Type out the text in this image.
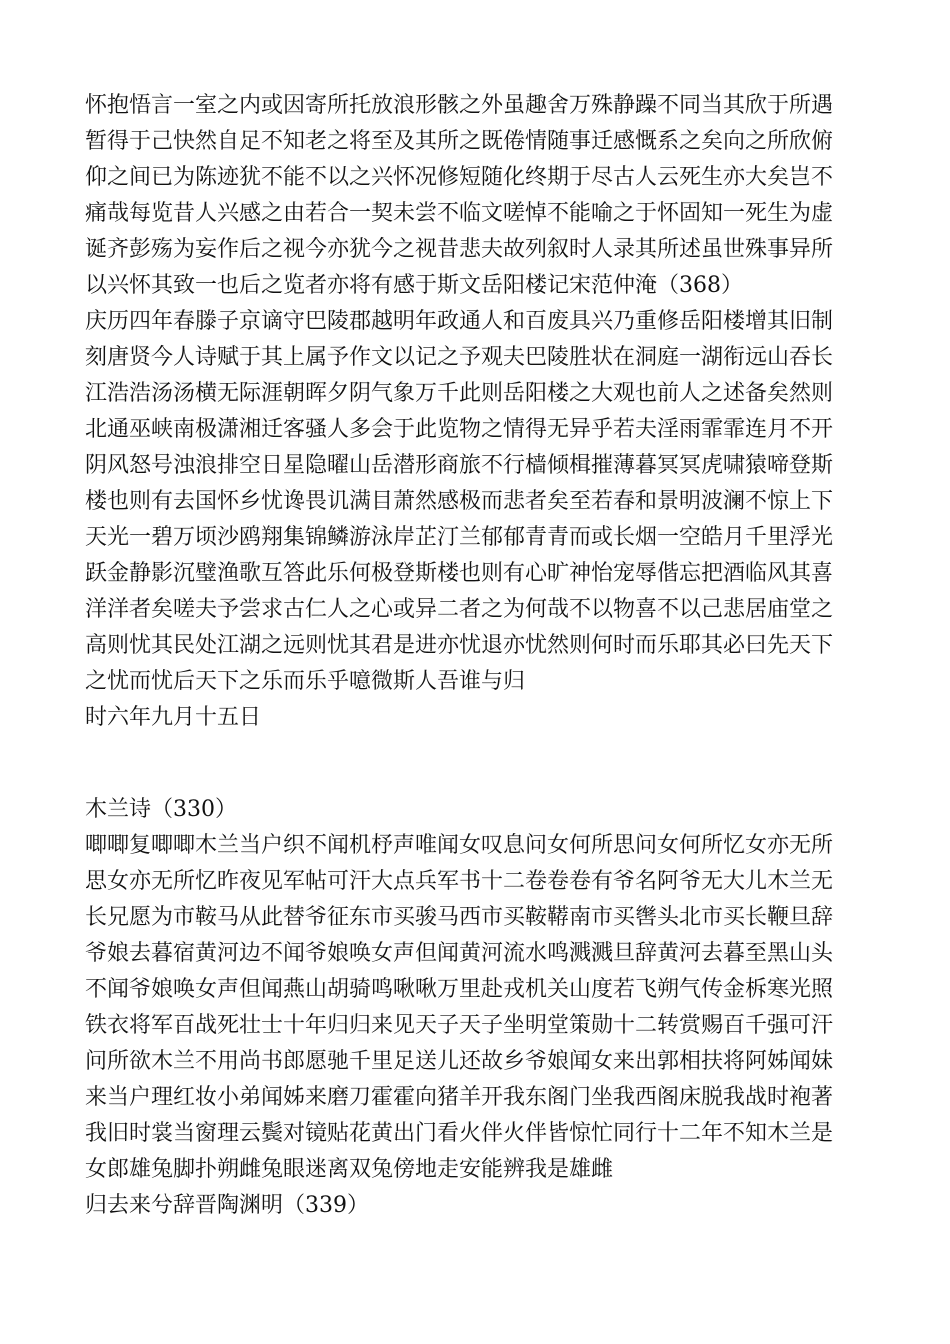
怀抱悟言一室之内或因寄所托放浪形骸之外虽趣舍万殊静躁不同当其欣于所遇
暂得于己快然自足不知老之将至及其所之既倦情随事迁感慨系之矣向之所欣俯
仰之间已为陈迹犹不能不以之兴怀况修短随化终期于尽古人云死生亦大矣岂不
痛哉每览昔人兴感之由若合一契未尝不临文嗟悼不能喻之于怀固知一死生为虚
诞齐彭殇为妄作后之视今亦犹今之视昔悲夫故列叙时人录其所述虽世殊事异所
以兴怀其致一也后之览者亦将有感于斯文岳阳楼记宋范仲淹（368）
庆历四年春滕子京谪守巴陵郡越明年政通人和百废具兴乃重修岳阳楼增其旧制
刻唐贤今人诗赋于其上属予作文以记之予观夫巴陵胜状在洞庭一湖衔远山吞长
江浩浩汤汤横无际涯朝晖夕阴气象万千此则岳阳楼之大观也前人之述备矣然则
北通巫峡南极潇湘迁客骚人多会于此览物之情得无异乎若夫淫雨霏霏连月不开
阴风怒号浊浪排空日星隐曜山岳潜形商旅不行樯倾楫摧薄暮冥冥虎啸猿啼登斯
楼也则有去国怀乡忧谗畏讥满目萧然感极而悲者矣至若春和景明波澜不惊上下
天光一碧万顷沙鸥翔集锦鳞游泳岸芷汀兰郁郁青青而或长烟一空皓月千里浮光
跃金静影沉璧渔歌互答此乐何极登斯楼也则有心旷神怡宠辱偕忘把酒临风其喜
洋洋者矣嗟夫予尝求古仁人之心或异二者之为何哉不以物喜不以己悲居庙堂之
高则忧其民处江湖之远则忧其君是进亦忧退亦忧然则何时而乐耶其必曰先天下
之忧而忧后天下之乐而乐乎噫微斯人吾谁与归
时六年九月十五日
木兰诗（330）
唧唧复唧唧木兰当户织不闻机杼声唯闻女叹息问女何所思问女何所忆女亦无所
思女亦无所忆昨夜见军帖可汗大点兵军书十二卷卷卷有爷名阿爷无大儿木兰无
长兄愿为市鞍马从此替爷征东市买骏马西市买鞍鞯南市买辔头北市买长鞭旦辞
爷娘去暮宿黄河边不闻爷娘唤女声但闻黄河流水鸣溅溅旦辞黄河去暮至黑山头
不闻爷娘唤女声但闻燕山胡骑鸣啾啾万里赴戎机关山度若飞朔气传金柝寒光照
铁衣将军百战死壮士十年归归来见天子天子坐明堂策勋十二转赏赐百千强可汗
问所欲木兰不用尚书郎愿驰千里足送儿还故乡爷娘闻女来出郭相扶将阿姊闻妹
来当户理红妆小弟闻姊来磨刀霍霍向猪羊开我东阁门坐我西阁床脱我战时袍著
我旧时裳当窗理云鬓对镜贴花黄出门看火伴火伴皆惊忙同行十二年不知木兰是
女郎雄兔脚扑朔雌兔眼迷离双兔傍地走安能辨我是雄雌
归去来兮辞晋陶渊明（339）
